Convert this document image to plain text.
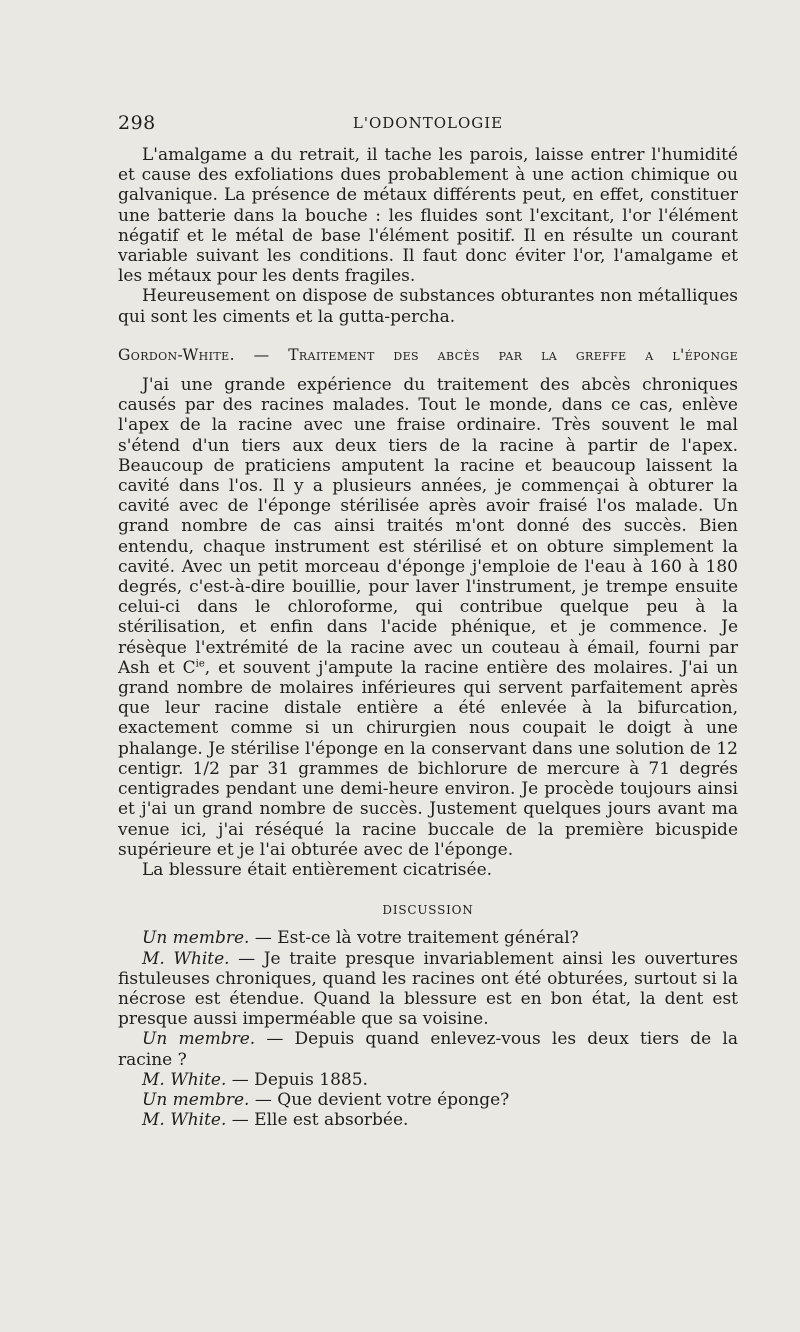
298	L'ODONTOLOGIE

L'amalgame a du retrait, il tache les parois, laisse entrer l'humidité et cause des exfoliations dues probablement à une action chimique ou galvanique. La présence de métaux différents peut, en effet, constituer une batterie dans la bouche : les fluides sont l'excitant, l'or l'élément négatif et le métal de base l'élément positif. Il en résulte un courant variable suivant les conditions. Il faut donc éviter l'or, l'amalgame et les métaux pour les dents fragiles.

Heureusement on dispose de substances obturantes non métalliques qui sont les ciments et la gutta-percha.

Gordon-White. — Traitement des abcès par la greffe a l'éponge

J'ai une grande expérience du traitement des abcès chroniques causés par des racines malades. Tout le monde, dans ce cas, enlève l'apex de la racine avec une fraise ordinaire. Très souvent le mal s'étend d'un tiers aux deux tiers de la racine à partir de l'apex. Beaucoup de praticiens amputent la racine et beaucoup laissent la cavité dans l'os. Il y a plusieurs années, je commençai à obturer la cavité avec de l'éponge stérilisée après avoir fraisé l'os malade. Un grand nombre de cas ainsi traités m'ont donné des succès. Bien entendu, chaque instrument est stérilisé et on obture simplement la cavité. Avec un petit morceau d'éponge j'emploie de l'eau à 160 à 180 degrés, c'est-à-dire bouillie, pour laver l'instrument, je trempe ensuite celui-ci dans le chloroforme, qui contribue quelque peu à la stérilisation, et enfin dans l'acide phénique, et je commence. Je résèque l'extrémité de la racine avec un couteau à émail, fourni par Ash et $C^{ie}$, et souvent j'ampute la racine entière des molaires. J'ai un grand nombre de molaires inférieures qui servent parfaitement après que leur racine distale entière a été enlevée à la bifurcation, exactement comme si un chirurgien nous coupait le doigt à une phalange. Je stérilise l'éponge en la conservant dans une solution de 12 centigr. 1/2 par 31 grammes de bichlorure de mercure à 71 degrés centigrades pendant une demi-heure environ. Je procède toujours ainsi et j'ai un grand nombre de succès. Justement quelques jours avant ma venue ici, j'ai réséqué la racine buccale de la première bicuspide supérieure et je l'ai obturée avec de l'éponge.

La blessure était entièrement cicatrisée.

DISCUSSION

Un membre. — Est-ce là votre traitement général?

M. White. — Je traite presque invariablement ainsi les ouvertures fistuleuses chroniques, quand les racines ont été obturées, surtout si la nécrose est étendue. Quand la blessure est en bon état, la dent est presque aussi imperméable que sa voisine.

Un membre. — Depuis quand enlevez-vous les deux tiers de la racine ?

M. White. — Depuis 1885.

Un membre. — Que devient votre éponge?

M. White. — Elle est absorbée.
